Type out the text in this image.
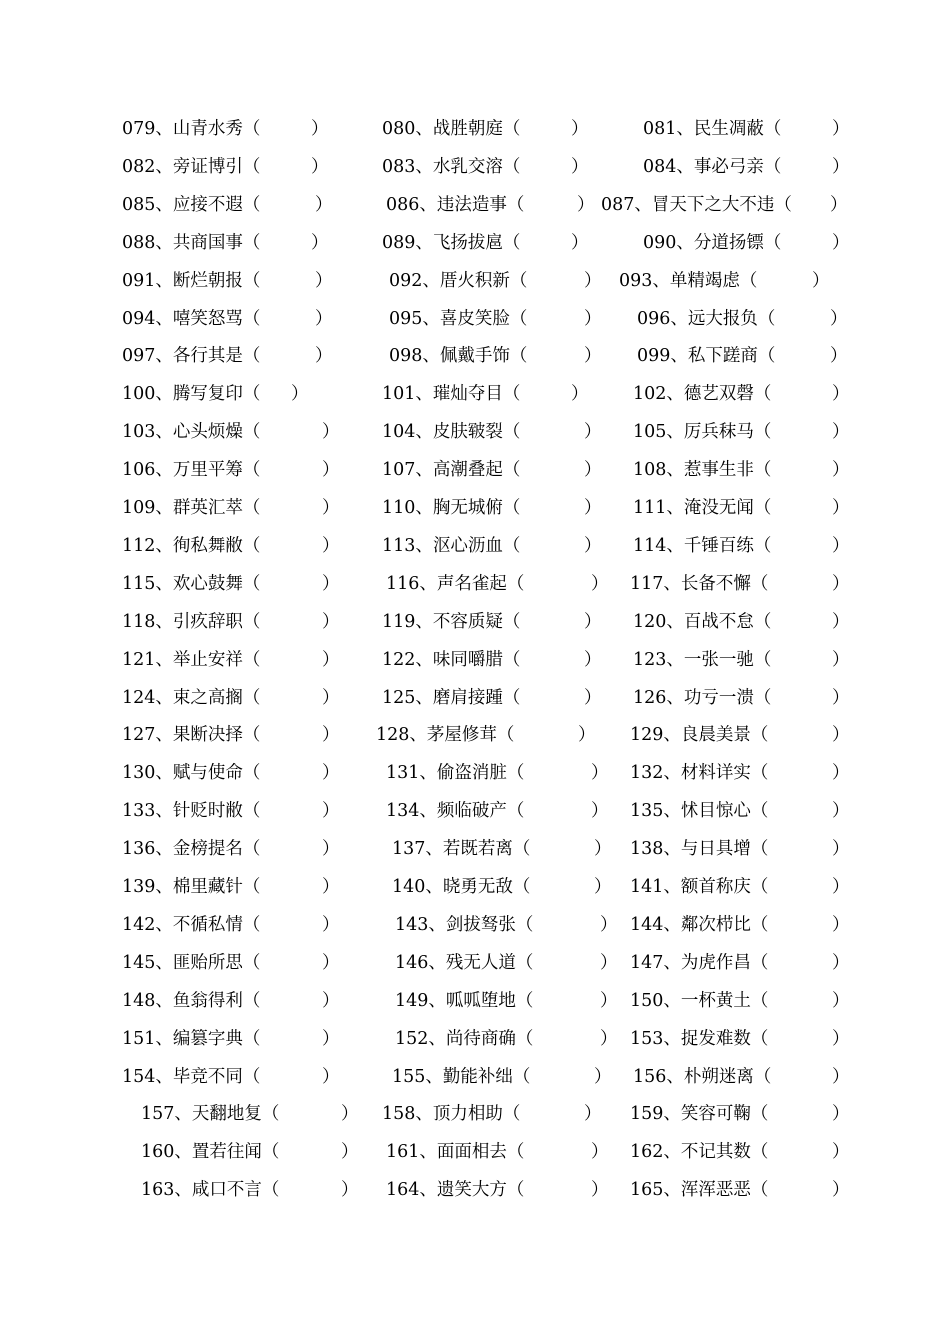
079、山青水秀（	）	080、战胜朝庭（	）	081、民生凋蔽（	）
082、旁证博引（	）	083、水乳交溶（	）	084、事必弓亲（	）
085、应接不遐（	）	086、违法造事（	） 087、冒天下之大不违（ ）
088、共商国事（	）	089、飞扬拔扈（	）	090、分道扬镖（	）
091、断烂朝报（	）	092、厝火积新（	） 093、单精竭虑（	）
094、嘻笑怒骂（	）	095、喜皮笑脸（	） 096、远大报负（	）
097、各行其是（	）	098、佩戴手饰（	） 099、私下蹉商（	）
100、腾写复印（ ）	101、璀灿夺目（	）	102、德艺双磬（	）
103、心头烦燥（	） 104、皮肤皲裂（	） 105、厉兵秣马（	）
106、万里平筹（	） 107、高潮叠起（	） 108、惹事生非（	）
109、群英汇萃（	） 110、胸无城俯（	） 111、淹没无闻（	）
112、徇私舞敝（	） 113、沤心沥血（	） 114、千锤百练（	）
115、欢心鼓舞（	）	116、声名雀起（	） 117、长备不懈（	）
118、引疚辞职（	） 119、不容质疑（	） 120、百战不怠（	）
121、举止安祥（	） 122、味同嚼腊（	） 123、一张一驰（	）
124、束之高搁（	） 125、磨肩接踵（	） 126、功亏一溃（	）
127、果断决择（	） 128、茅屋修茸（	） 129、良晨美景（	）
130、赋与使命（	）	131、偷盗消脏（	） 132、材料详实（	）
133、针贬时敝（	）	134、频临破产（	） 135、怵目惊心（	）
136、金榜提名（	）	137、若既若离（	） 138、与日具增（	）
139、棉里藏针（	）	140、晓勇无敌（	） 141、额首称庆（	）
142、不循私情（	）	143、剑拔驽张（	） 144、鄰次栉比（	）
145、匪贻所思（	）	146、残无人道（	） 147、为虎作昌（	）
148、鱼翁得利（	）	149、呱呱堕地（	） 150、一杯黄土（	）
151、编篡字典（	）	152、尚待商确（	） 153、捉发难数（	）
154、毕竞不同（	）	155、勤能补绌（	） 156、朴朔迷离（	）
157、天翻地复（	） 158、顶力相助（	） 159、笑容可鞠（	）
160、置若往闻（	） 161、面面相去（	） 162、不记其数（	）
163、咸口不言（	） 164、遗笑大方（	） 165、浑浑恶恶（	）
